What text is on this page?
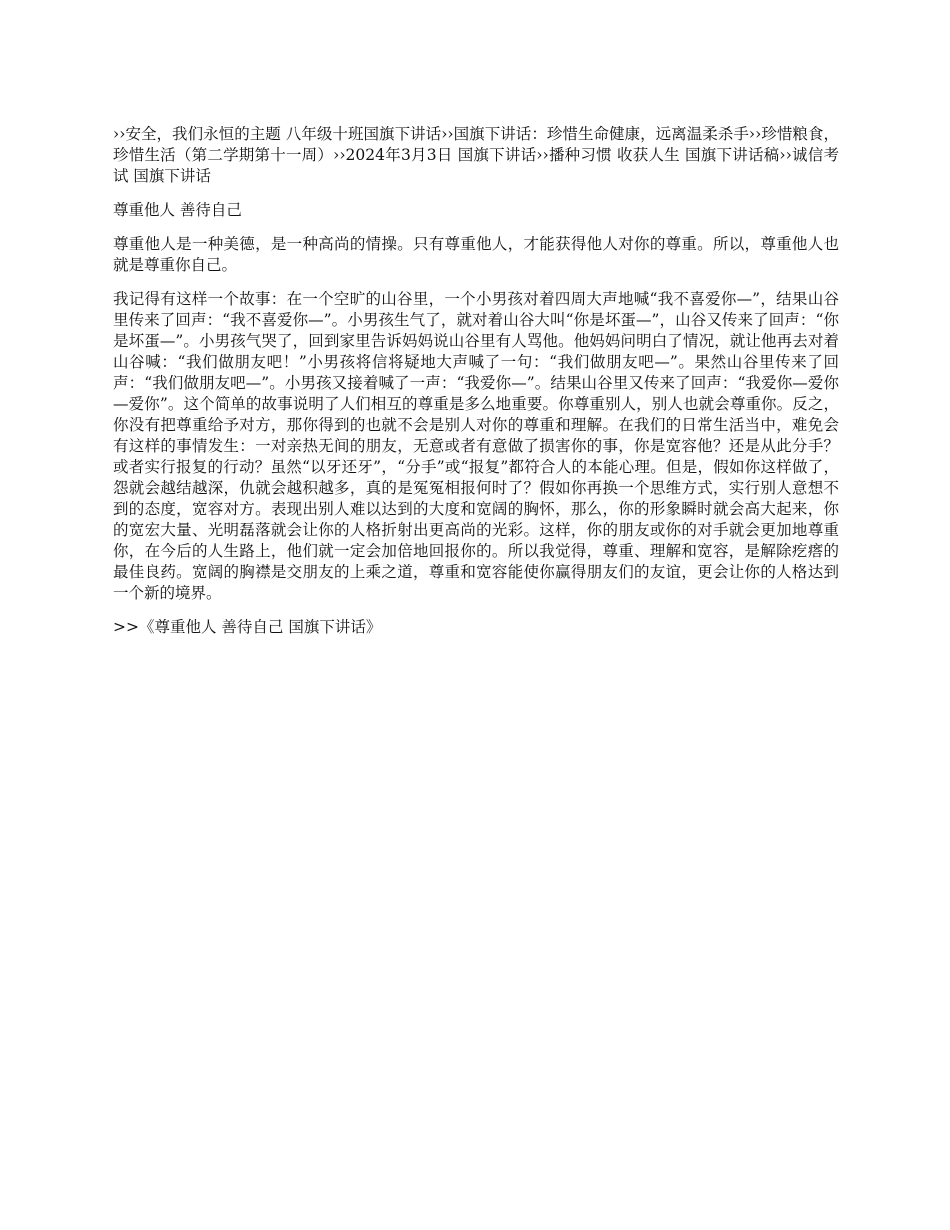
››安全，我们永恒的主题 八年级十班国旗下讲话››国旗下讲话：珍惜生命健康，远离温柔杀手››珍惜粮食，珍惜生活（第二学期第十一周）››2024年3月3日 国旗下讲话››播种习惯 收获人生 国旗下讲话稿››诚信考试 国旗下讲话
尊重他人 善待自己

尊重他人是一种美德，是一种高尚的情操。只有尊重他人，才能获得他人对你的尊重。所以，尊重他人也就是尊重你自己。

我记得有这样一个故事：在一个空旷的山谷里，一个小男孩对着四周大声地喊“我不喜爱你—”，结果山谷里传来了回声：“我不喜爱你—”。小男孩生气了，就对着山谷大叫“你是坏蛋—”，山谷又传来了回声：“你是坏蛋—”。小男孩气哭了，回到家里告诉妈妈说山谷里有人骂他。他妈妈问明白了情况，就让他再去对着山谷喊：“我们做朋友吧！”小男孩将信将疑地大声喊了一句：“我们做朋友吧—”。果然山谷里传来了回声：“我们做朋友吧—”。小男孩又接着喊了一声：“我爱你—”。结果山谷里又传来了回声：“我爱你—爱你—爱你”。这个简单的故事说明了人们相互的尊重是多么地重要。你尊重别人，别人也就会尊重你。反之，你没有把尊重给予对方，那你得到的也就不会是别人对你的尊重和理解。在我们的日常生活当中，难免会有这样的事情发生：一对亲热无间的朋友，无意或者有意做了损害你的事，你是宽容他？还是从此分手？或者实行报复的行动？虽然“以牙还牙”，“分手”或“报复”都符合人的本能心理。但是，假如你这样做了，怨就会越结越深，仇就会越积越多，真的是冤冤相报何时了？假如你再换一个思维方式，实行别人意想不到的态度，宽容对方。表现出别人难以达到的大度和宽阔的胸怀，那么，你的形象瞬时就会高大起来，你的宽宏大量、光明磊落就会让你的人格折射出更高尚的光彩。这样，你的朋友或你的对手就会更加地尊重你，在今后的人生路上，他们就一定会加倍地回报你的。所以我觉得，尊重、理解和宽容，是解除疙瘩的最佳良药。宽阔的胸襟是交朋友的上乘之道，尊重和宽容能使你赢得朋友们的友谊，更会让你的人格达到一个新的境界。

>>《尊重他人 善待自己 国旗下讲话》
